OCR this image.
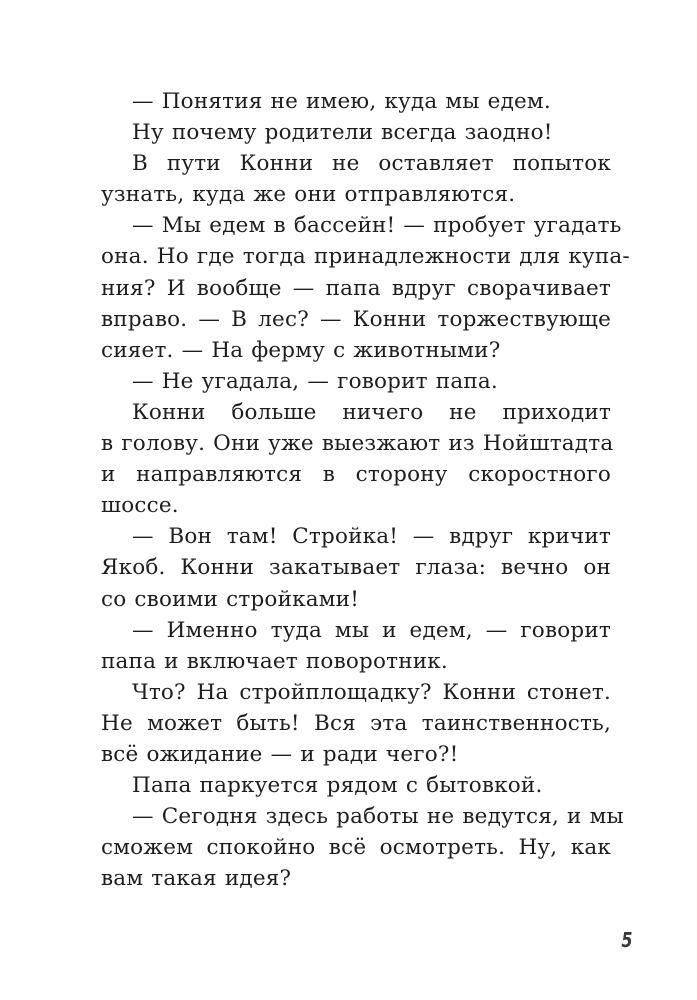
— Понятия не имею, куда мы едем.
Ну почему родители всегда заодно!
В пути Конни не оставляет попыток
узнать, куда же они отправляются.
— Мы едем в бассейн! — пробует угадать
она. Но где тогда принадлежности для купа-
ния? И вообще — папа вдруг сворачивает
вправо. — В лес? — Конни торжествующе
сияет. — На ферму с животными?
— Не угадала, — говорит папа.
Конни больше ничего не приходит
в голову. Они уже выезжают из Нойштадта
и направляются в сторону скоростного
шоссе.
— Вон там! Стройка! — вдруг кричит
Якоб. Конни закатывает глаза: вечно он
со своими стройками!
— Именно туда мы и едем, — говорит
папа и включает поворотник.
Что? На стройплощадку? Конни стонет.
Не может быть! Вся эта таинственность,
всё ожидание — и ради чего?!
Папа паркуется рядом с бытовкой.
— Сегодня здесь работы не ведутся, и мы
сможем спокойно всё осмотреть. Ну, как
вам такая идея?
5
